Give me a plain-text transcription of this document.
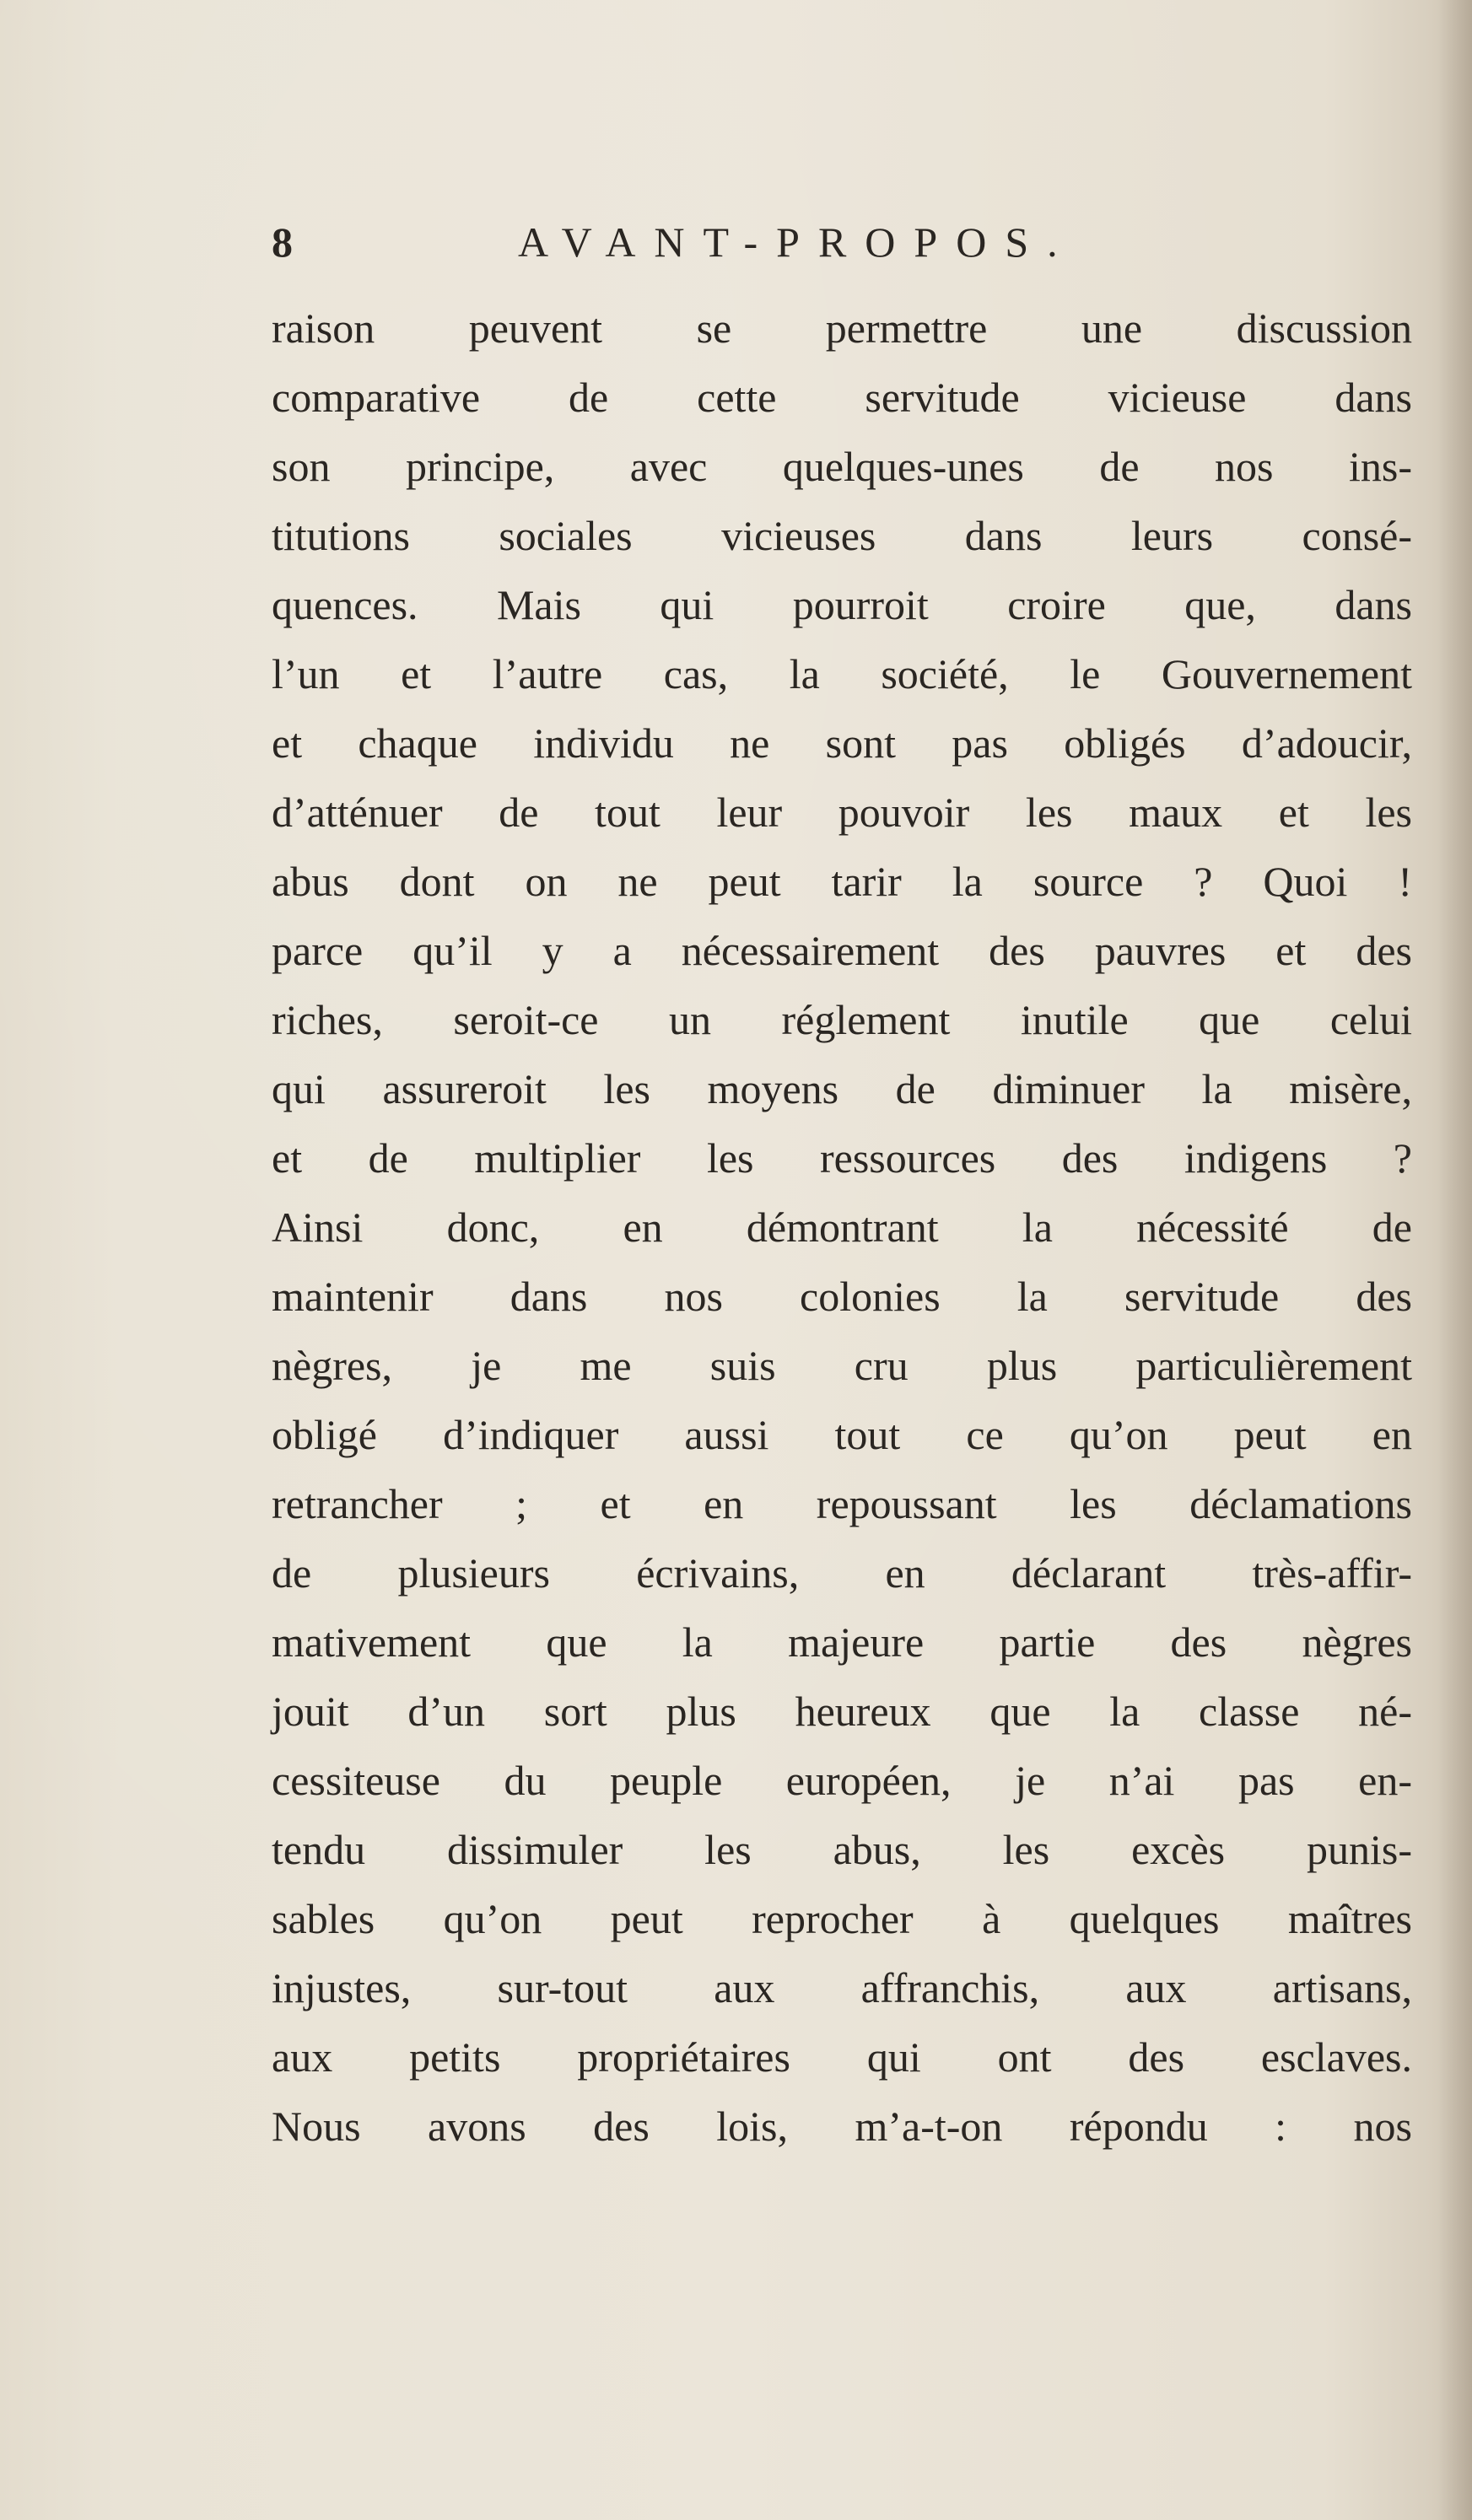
8	AVANT-PROPOS.
raison peuvent se permettre une discussion
comparative de cette servitude vicieuse dans
son principe, avec quelques-unes de nos ins-
titutions sociales vicieuses dans leurs consé-
quences. Mais qui pourroit croire que, dans
l’un et l’autre cas, la société, le Gouvernement
et chaque individu ne sont pas obligés d’adoucir,
d’atténuer de tout leur pouvoir les maux et les
abus dont on ne peut tarir la source ? Quoi !
parce qu’il y a nécessairement des pauvres et des
riches, seroit-ce un réglement inutile que celui
qui assureroit les moyens de diminuer la misère,
et de multiplier les ressources des indigens ?
Ainsi donc, en démontrant la nécessité de
maintenir dans nos colonies la servitude des
nègres, je me suis cru plus particulièrement
obligé d’indiquer aussi tout ce qu’on peut en
retrancher ; et en repoussant les déclamations
de plusieurs écrivains, en déclarant très-affir-
mativement que la majeure partie des nègres
jouit d’un sort plus heureux que la classe né-
cessiteuse du peuple européen, je n’ai pas en-
tendu dissimuler les abus, les excès punis-
sables qu’on peut reprocher à quelques maîtres
injustes, sur-tout aux affranchis, aux artisans,
aux petits propriétaires qui ont des esclaves.
Nous avons des lois, m’a-t-on répondu : nos
